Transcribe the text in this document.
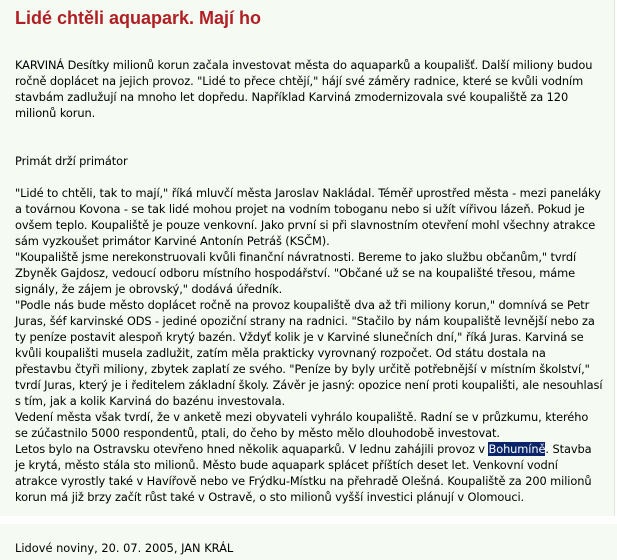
Lidé chtěli aquapark. Mají ho

KARVINÁ Desítky milionů korun začala investovat města do aquaparků a koupališť. Další miliony budou ročně doplácet na jejich provoz. "Lidé to přece chtějí," hájí své záměry radnice, které se kvůli vodním stavbám zadlužují na mnoho let dopředu. Například Karviná zmodernizovala své koupaliště za 120 milionů korun.

Primát drží primátor

"Lidé to chtěli, tak to mají," říká mluvčí města Jaroslav Nakládal. Téměř uprostřed města - mezi paneláky a továrnou Kovona - se tak lidé mohou projet na vodním toboganu nebo si užít vířivou lázeň. Pokud je ovšem teplo. Koupaliště je pouze venkovní. Jako první si při slavnostním otevření mohl všechny atrakce sám vyzkoušet primátor Karviné Antonín Petráš (KSČM).

"Koupaliště jsme nerekonstruovali kvůli finanční návratnosti. Bereme to jako službu občanům," tvrdí Zbyněk Gajdosz, vedoucí odboru místního hospodářství. "Občané už se na koupališté třesou, máme signály, že zájem je obrovský," dodává úředník.

"Podle nás bude město doplácet ročně na provoz koupaliště dva až tři miliony korun," domnívá se Petr Juras, šéf karvinské ODS - jediné opoziční strany na radnici. "Stačilo by nám koupaliště levnější nebo za ty peníze postavit alespoň krytý bazén. Vždyť kolik je v Karviné slunečních dní," říká Juras. Karviná se kvůli koupališti musela zadlužit, zatím měla prakticky vyrovnaný rozpočet. Od státu dostala na přestavbu čtyři miliony, zbytek zaplatí ze svého. "Peníze by byly určitě potřebnější v místním školství," tvrdí Juras, který je i ředitelem základní školy. Závěr je jasný: opozice není proti koupališti, ale nesouhlasí s tím, jak a kolik Karviná do bazénu investovala.

Vedení města však tvrdí, že v anketě mezi obyvateli vyhrálo koupaliště. Radní se v průzkumu, kterého se zúčastnilo 5000 respondentů, ptali, do čeho by město mělo dlouhodobě investovat.

Letos bylo na Ostravsku otevřeno hned několik aquaparků. V lednu zahájili provoz v Bohumíně. Stavba je krytá, město stála sto milionů. Město bude aquapark splácet příštích deset let. Venkovní vodní atrakce vyrostly také v Havířově nebo ve Frýdku-Místku na přehradě Olešná. Koupaliště za 200 milionů korun má již brzy začít růst také v Ostravě, o sto milionů vyšší investici plánují v Olomouci.

Lidové noviny, 20. 07. 2005, JAN KRÁL
